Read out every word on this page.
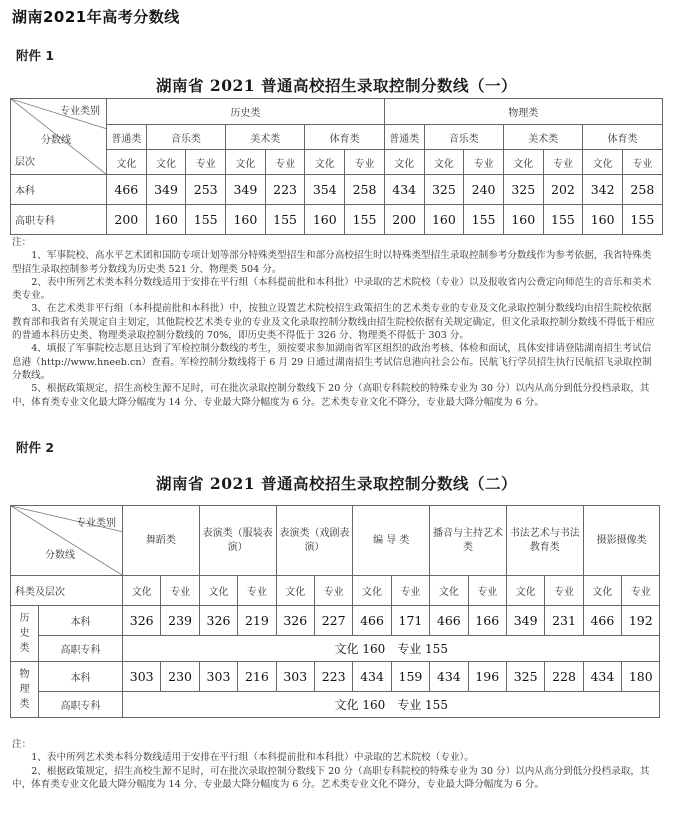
湖南2021年高考分数线
附件 1
湖南省 2021 普通高校招生录取控制分数线（一）
专业类别
分数线
层次	历史类							物理类						
	普通类	音乐类		美术类		体育类		普通类	音乐类		美术类		体育类	
	文化	文化	专业	文化	专业	文化	专业	文化	文化	专业	文化	专业	文化	专业
本科	466	349	253	349	223	354	258	434	325	240	325	202	342	258
高职专科	200	160	155	160	155	160	155	200	160	155	160	155	160	155

注：

1、军事院校、高水平艺术团和国防专项计划等部分特殊类型招生和部分高校招生时以特殊类型招生录取控制参考分数线作为参考依据，我省特殊类型招生录取控制参考分数线为历史类 521 分、物理类 504 分。

2、表中所列艺术类本科分数线适用于安排在平行组（本科提前批和本科批）中录取的艺术院校（专业）以及报收省内公费定向师范生的音乐和美术类专业。

3、在艺术类非平行组（本科提前批和本科批）中，按独立设置艺术院校招生政策招生的艺术类专业的专业及文化录取控制分数线均由招生院校依据教育部和我省有关规定自主划定，其他院校艺术类专业的专业及文化录取控制分数线由招生院校依据有关规定确定，但文化录取控制分数线不得低于相应的普通本科历史类、物理类录取控制分数线的 70%，即历史类不得低于 326 分、物理类不得低于 303 分。

4、填报了军事院校志愿且达到了军检控制分数线的考生，须按要求参加湖南省军区组织的政治考核、体检和面试，具体安排请登陆湖南招生考试信息港（http://www.hneeb.cn）查看。军检控制分数线将于 6 月 29 日通过湖南招生考试信息港向社会公布。民航飞行学员招生执行民航招飞录取控制分数线。

5、根据政策规定，招生高校生源不足时，可在批次录取控制分数线下 20 分（高职专科院校的特殊专业为 30 分）以内从高分到低分投档录取，其中，体育类专业文化最大降分幅度为 14 分、专业最大降分幅度为 6 分。艺术类专业文化不降分，专业最大降分幅度为 6 分。

附件 2
湖南省 2021 普通高校招生录取控制分数线（二）
专业类别
分数线		舞蹈类		表演类（服装表演）		表演类（戏剧表演）		编 导 类		播音与主持艺术类		书法艺术与书法教育类		摄影摄像类	
科类及层次		文化	专业	文化	专业	文化	专业	文化	专业	文化	专业	文化	专业	文化	专业
历
史
类	本科	326	239	326	219	326	227	466	171	466	166	349	231	466	192
	高职专科	文化 160　专业 155													
物
理
类	本科	303	230	303	216	303	223	434	159	434	196	325	228	434	180
	高职专科	文化 160　专业 155													

注：

1、表中所列艺术类本科分数线适用于安排在平行组（本科提前批和本科批）中录取的艺术院校（专业）。

2、根据政策规定，招生高校生源不足时，可在批次录取控制分数线下 20 分（高职专科院校的特殊专业为 30 分）以内从高分到低分投档录取，其中，体育类专业文化最大降分幅度为 14 分、专业最大降分幅度为 6 分。艺术类专业文化不降分，专业最大降分幅度为 6 分。
